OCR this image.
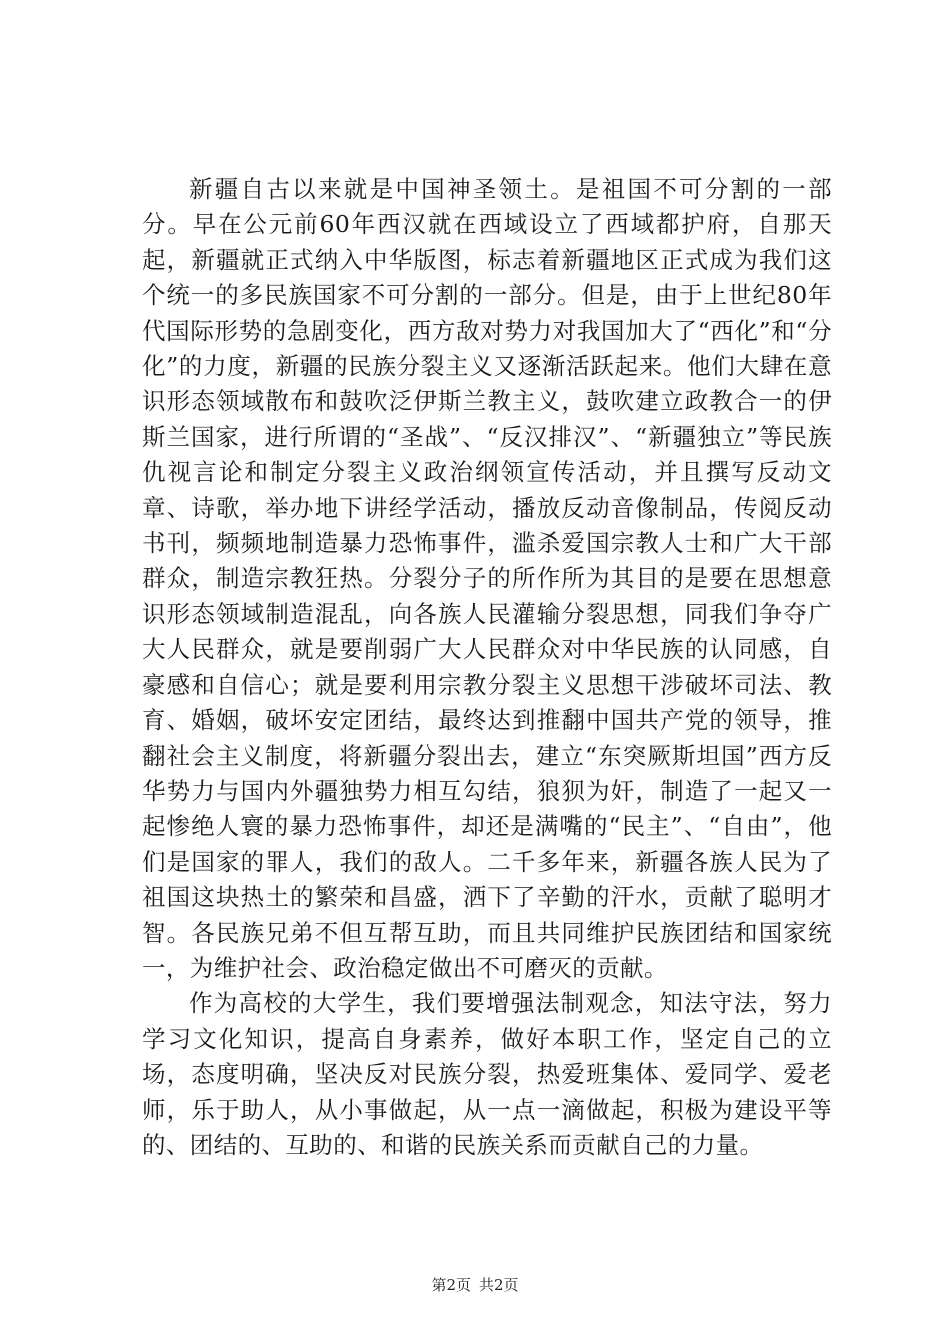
新疆自古以来就是中国神圣领土。是祖国不可分割的一部分。早在公元前60年西汉就在西域设立了西域都护府，自那天起，新疆就正式纳入中华版图，标志着新疆地区正式成为我们这个统一的多民族国家不可分割的一部分。但是，由于上世纪80年代国际形势的急剧变化，西方敌对势力对我国加大了“西化”和“分化”的力度，新疆的民族分裂主义又逐渐活跃起来。他们大肆在意识形态领域散布和鼓吹泛伊斯兰教主义，鼓吹建立政教合一的伊斯兰国家，进行所谓的“圣战”、“反汉排汉”、“新疆独立”等民族仇视言论和制定分裂主义政治纲领宣传活动，并且撰写反动文章、诗歌，举办地下讲经学活动，播放反动音像制品，传阅反动书刊，频频地制造暴力恐怖事件，滥杀爱国宗教人士和广大干部群众，制造宗教狂热。分裂分子的所作所为其目的是要在思想意识形态领域制造混乱，向各族人民灌输分裂思想，同我们争夺广大人民群众，就是要削弱广大人民群众对中华民族的认同感，自豪感和自信心；就是要利用宗教分裂主义思想干涉破坏司法、教育、婚姻，破坏安定团结，最终达到推翻中国共产党的领导，推翻社会主义制度，将新疆分裂出去，建立“东突厥斯坦国”西方反华势力与国内外疆独势力相互勾结，狼狈为奸，制造了一起又一起惨绝人寰的暴力恐怖事件，却还是满嘴的“民主”、“自由”，他们是国家的罪人，我们的敌人。二千多年来，新疆各族人民为了祖国这块热土的繁荣和昌盛，洒下了辛勤的汗水，贡献了聪明才智。各民族兄弟不但互帮互助，而且共同维护民族团结和国家统一，为维护社会、政治稳定做出不可磨灭的贡献。

作为高校的大学生，我们要增强法制观念，知法守法，努力学习文化知识，提高自身素养，做好本职工作，坚定自己的立场，态度明确，坚决反对民族分裂，热爱班集体、爱同学、爱老师，乐于助人，从小事做起，从一点一滴做起，积极为建设平等的、团结的、互助的、和谐的民族关系而贡献自己的力量。

第2页 共2页
